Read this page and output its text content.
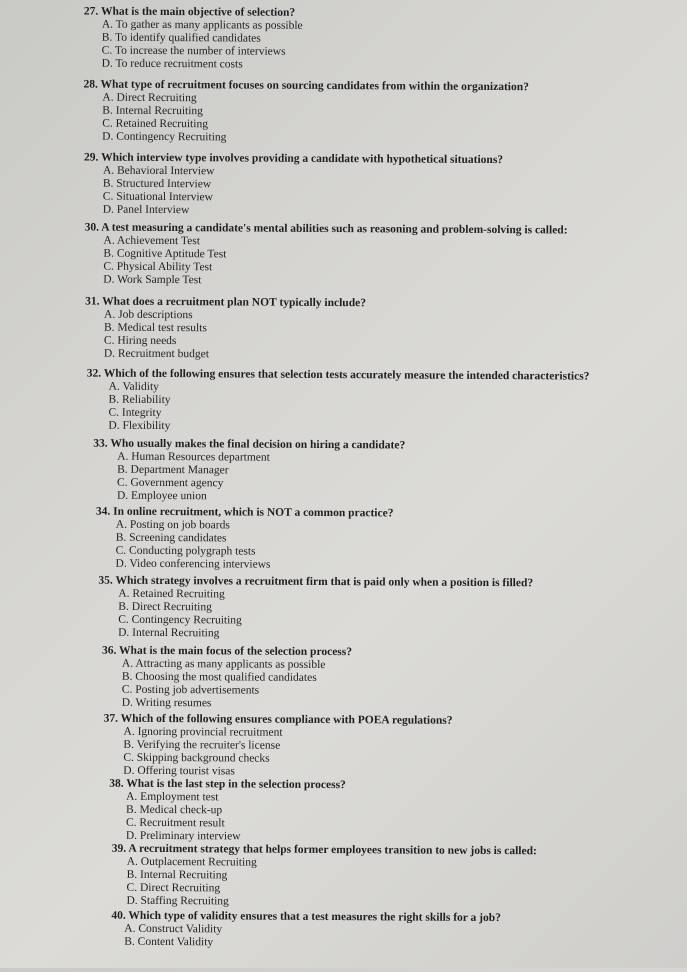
27. What is the main objective of selection?
A. To gather as many applicants as possible
B. To identify qualified candidates
C. To increase the number of interviews
D. To reduce recruitment costs
28. What type of recruitment focuses on sourcing candidates from within the organization?
A. Direct Recruiting
B. Internal Recruiting
C. Retained Recruiting
D. Contingency Recruiting
29. Which interview type involves providing a candidate with hypothetical situations?
A. Behavioral Interview
B. Structured Interview
C. Situational Interview
D. Panel Interview
30. A test measuring a candidate's mental abilities such as reasoning and problem-solving is called:
A. Achievement Test
B. Cognitive Aptitude Test
C. Physical Ability Test
D. Work Sample Test
31. What does a recruitment plan NOT typically include?
A. Job descriptions
B. Medical test results
C. Hiring needs
D. Recruitment budget
32. Which of the following ensures that selection tests accurately measure the intended characteristics?
A. Validity
B. Reliability
C. Integrity
D. Flexibility
33. Who usually makes the final decision on hiring a candidate?
A. Human Resources department
B. Department Manager
C. Government agency
D. Employee union
34. In online recruitment, which is NOT a common practice?
A. Posting on job boards
B. Screening candidates
C. Conducting polygraph tests
D. Video conferencing interviews
35. Which strategy involves a recruitment firm that is paid only when a position is filled?
A. Retained Recruiting
B. Direct Recruiting
C. Contingency Recruiting
D. Internal Recruiting
36. What is the main focus of the selection process?
A. Attracting as many applicants as possible
B. Choosing the most qualified candidates
C. Posting job advertisements
D. Writing resumes
37. Which of the following ensures compliance with POEA regulations?
A. Ignoring provincial recruitment
B. Verifying the recruiter's license
C. Skipping background checks
D. Offering tourist visas
38. What is the last step in the selection process?
A. Employment test
B. Medical check-up
C. Recruitment result
D. Preliminary interview
39. A recruitment strategy that helps former employees transition to new jobs is called:
A. Outplacement Recruiting
B. Internal Recruiting
C. Direct Recruiting
D. Staffing Recruiting
40. Which type of validity ensures that a test measures the right skills for a job?
A. Construct Validity
B. Content Validity
